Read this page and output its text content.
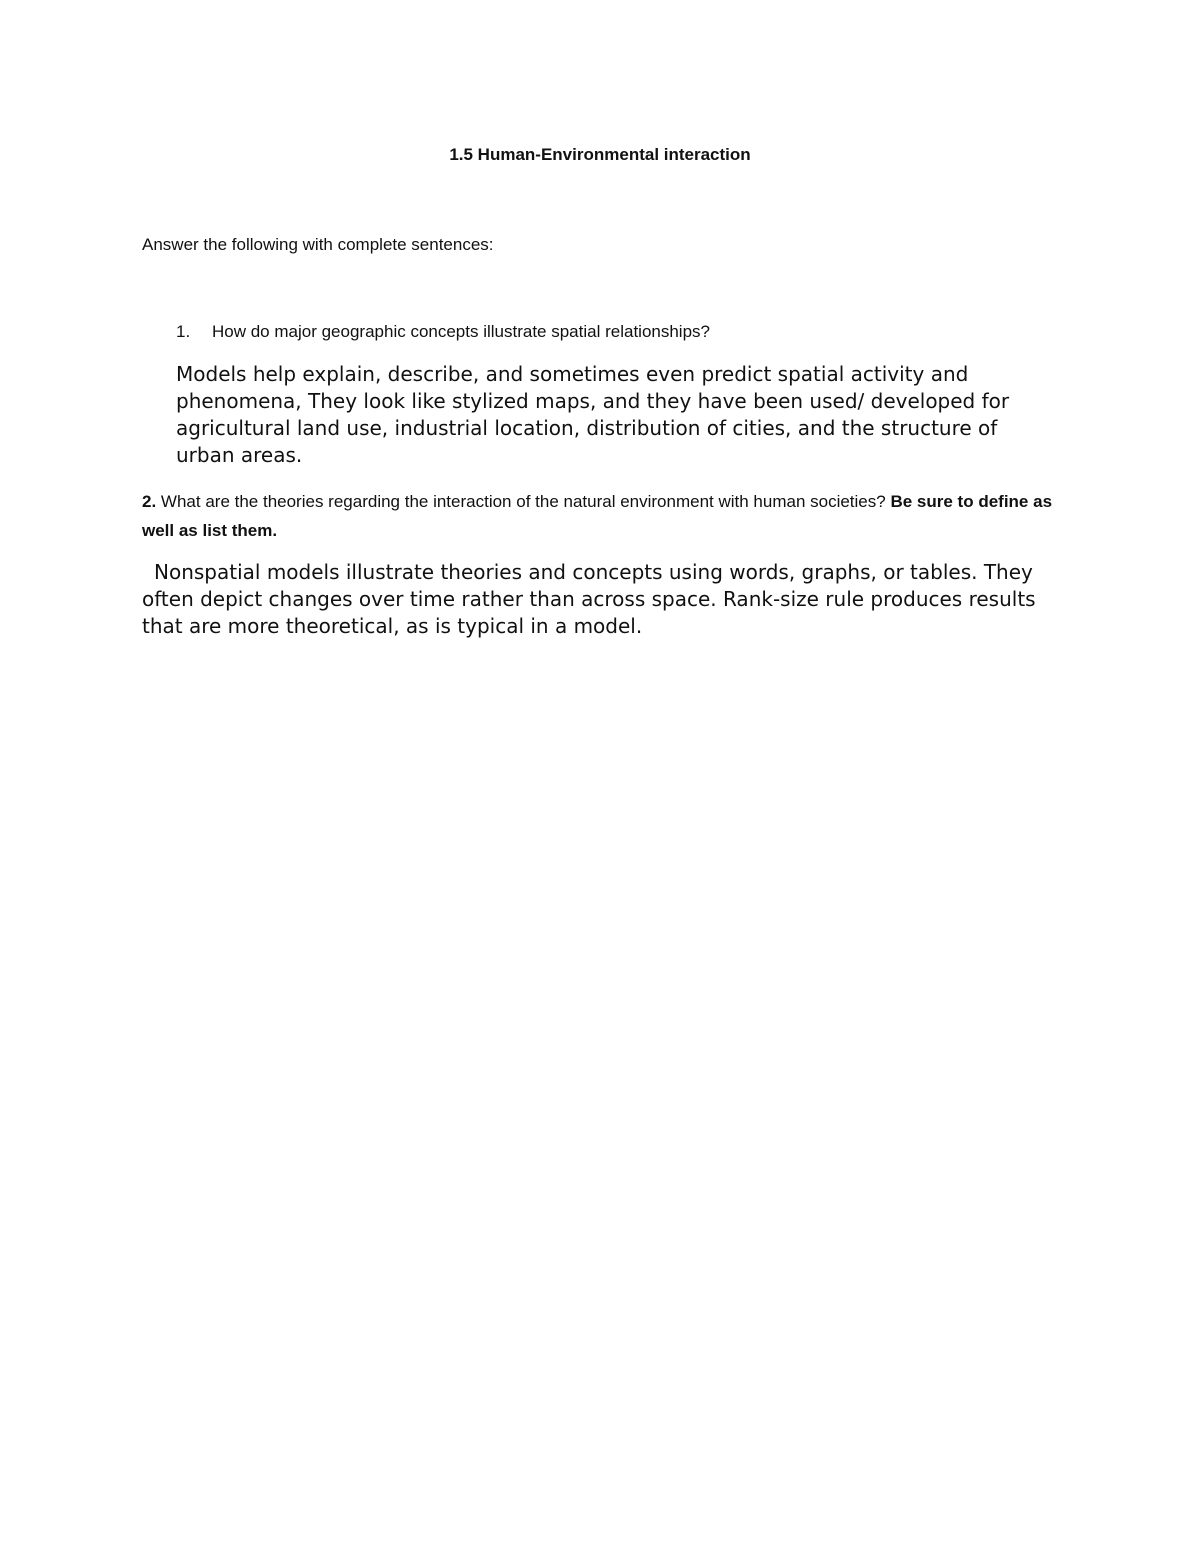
1.5 Human-Environmental interaction
Answer the following with complete sentences:
1. How do major geographic concepts illustrate spatial relationships?
Models help explain, describe, and sometimes even predict spatial activity and phenomena, They look like stylized maps, and they have been used/ developed for agricultural land use, industrial location, distribution of cities, and the structure of urban areas.
2. What are the theories regarding the interaction of the natural environment with human societies? Be sure to define as well as list them.
Nonspatial models illustrate theories and concepts using words, graphs, or tables. They often depict changes over time rather than across space. Rank-size rule produces results that are more theoretical, as is typical in a model.
